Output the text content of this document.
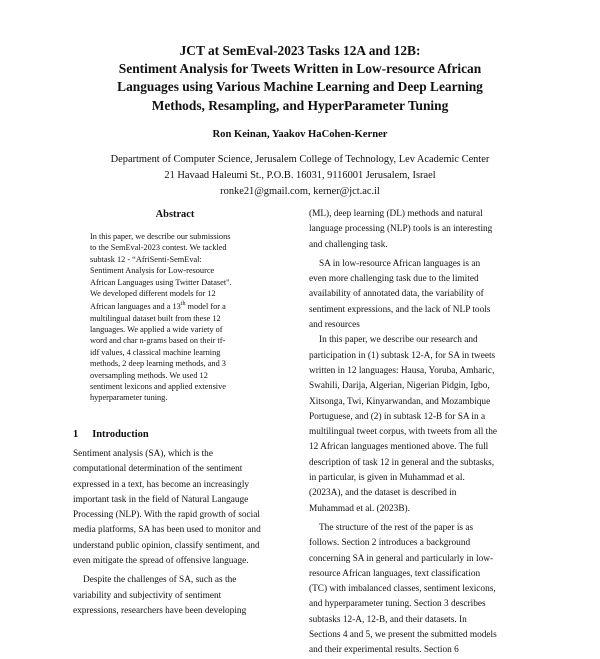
JCT at SemEval-2023 Tasks 12A and 12B:
Sentiment Analysis for Tweets Written in Low-resource African
Languages using Various Machine Learning and Deep Learning
Methods, Resampling, and HyperParameter Tuning
Ron Keinan, Yaakov HaCohen-Kerner
Department of Computer Science, Jerusalem College of Technology, Lev Academic Center
21 Havaad Haleumi St., P.O.B. 16031, 9116001 Jerusalem, Israel
ronke21@gmail.com, kerner@jct.ac.il
Abstract
In this paper, we describe our submissions
to the SemEval-2023 contest. We tackled
subtask 12 - “AfriSenti-SemEval:
Sentiment Analysis for Low-resource
African Languages using Twitter Dataset".
We developed different models for 12
African languages and a 13th model for a
multilingual dataset built from these 12
languages. We applied a wide variety of
word and char n-grams based on their tf-
idf values, 4 classical machine learning
methods, 2 deep learning methods, and 3
oversampling methods. We used 12
sentiment lexicons and applied extensive
hyperparameter tuning.
1 Introduction
Sentiment analysis (SA), which is the
computational determination of the sentiment
expressed in a text, has become an increasingly
important task in the field of Natural Langauge
Processing (NLP). With the rapid growth of social
media platforms, SA has been used to monitor and
understand public opinion, classify sentiment, and
even mitigate the spread of offensive language.
Despite the challenges of SA, such as the
variability and subjectivity of sentiment
expressions, researchers have been developing
(ML), deep learning (DL) methods and natural
language processing (NLP) tools is an interesting
and challenging task.
SA in low-resource African languages is an
even more challenging task due to the limited
availability of annotated data, the variability of
sentiment expressions, and the lack of NLP tools
and resources
In this paper, we describe our research and
participation in (1) subtask 12-A, for SA in tweets
written in 12 languages: Hausa, Yoruba, Amharic,
Swahili, Darija, Algerian, Nigerian Pidgin, Igbo,
Xitsonga, Twi, Kinyarwandan, and Mozambique
Portuguese, and (2) in subtask 12-B for SA in a
multilingual tweet corpus, with tweets from all the
12 African languages mentioned above. The full
description of task 12 in general and the subtasks,
in particular, is given in Muhammad et al.
(2023A), and the dataset is described in
Muhammad et al. (2023B).
The structure of the rest of the paper is as
follows. Section 2 introduces a background
concerning SA in general and particularly in low-
resource African languages, text classification
(TC) with imbalanced classes, sentiment lexicons,
and hyperparameter tuning. Section 3 describes
subtasks 12-A, 12-B, and their datasets. In
Sections 4 and 5, we present the submitted models
and their experimental results. Section 6
